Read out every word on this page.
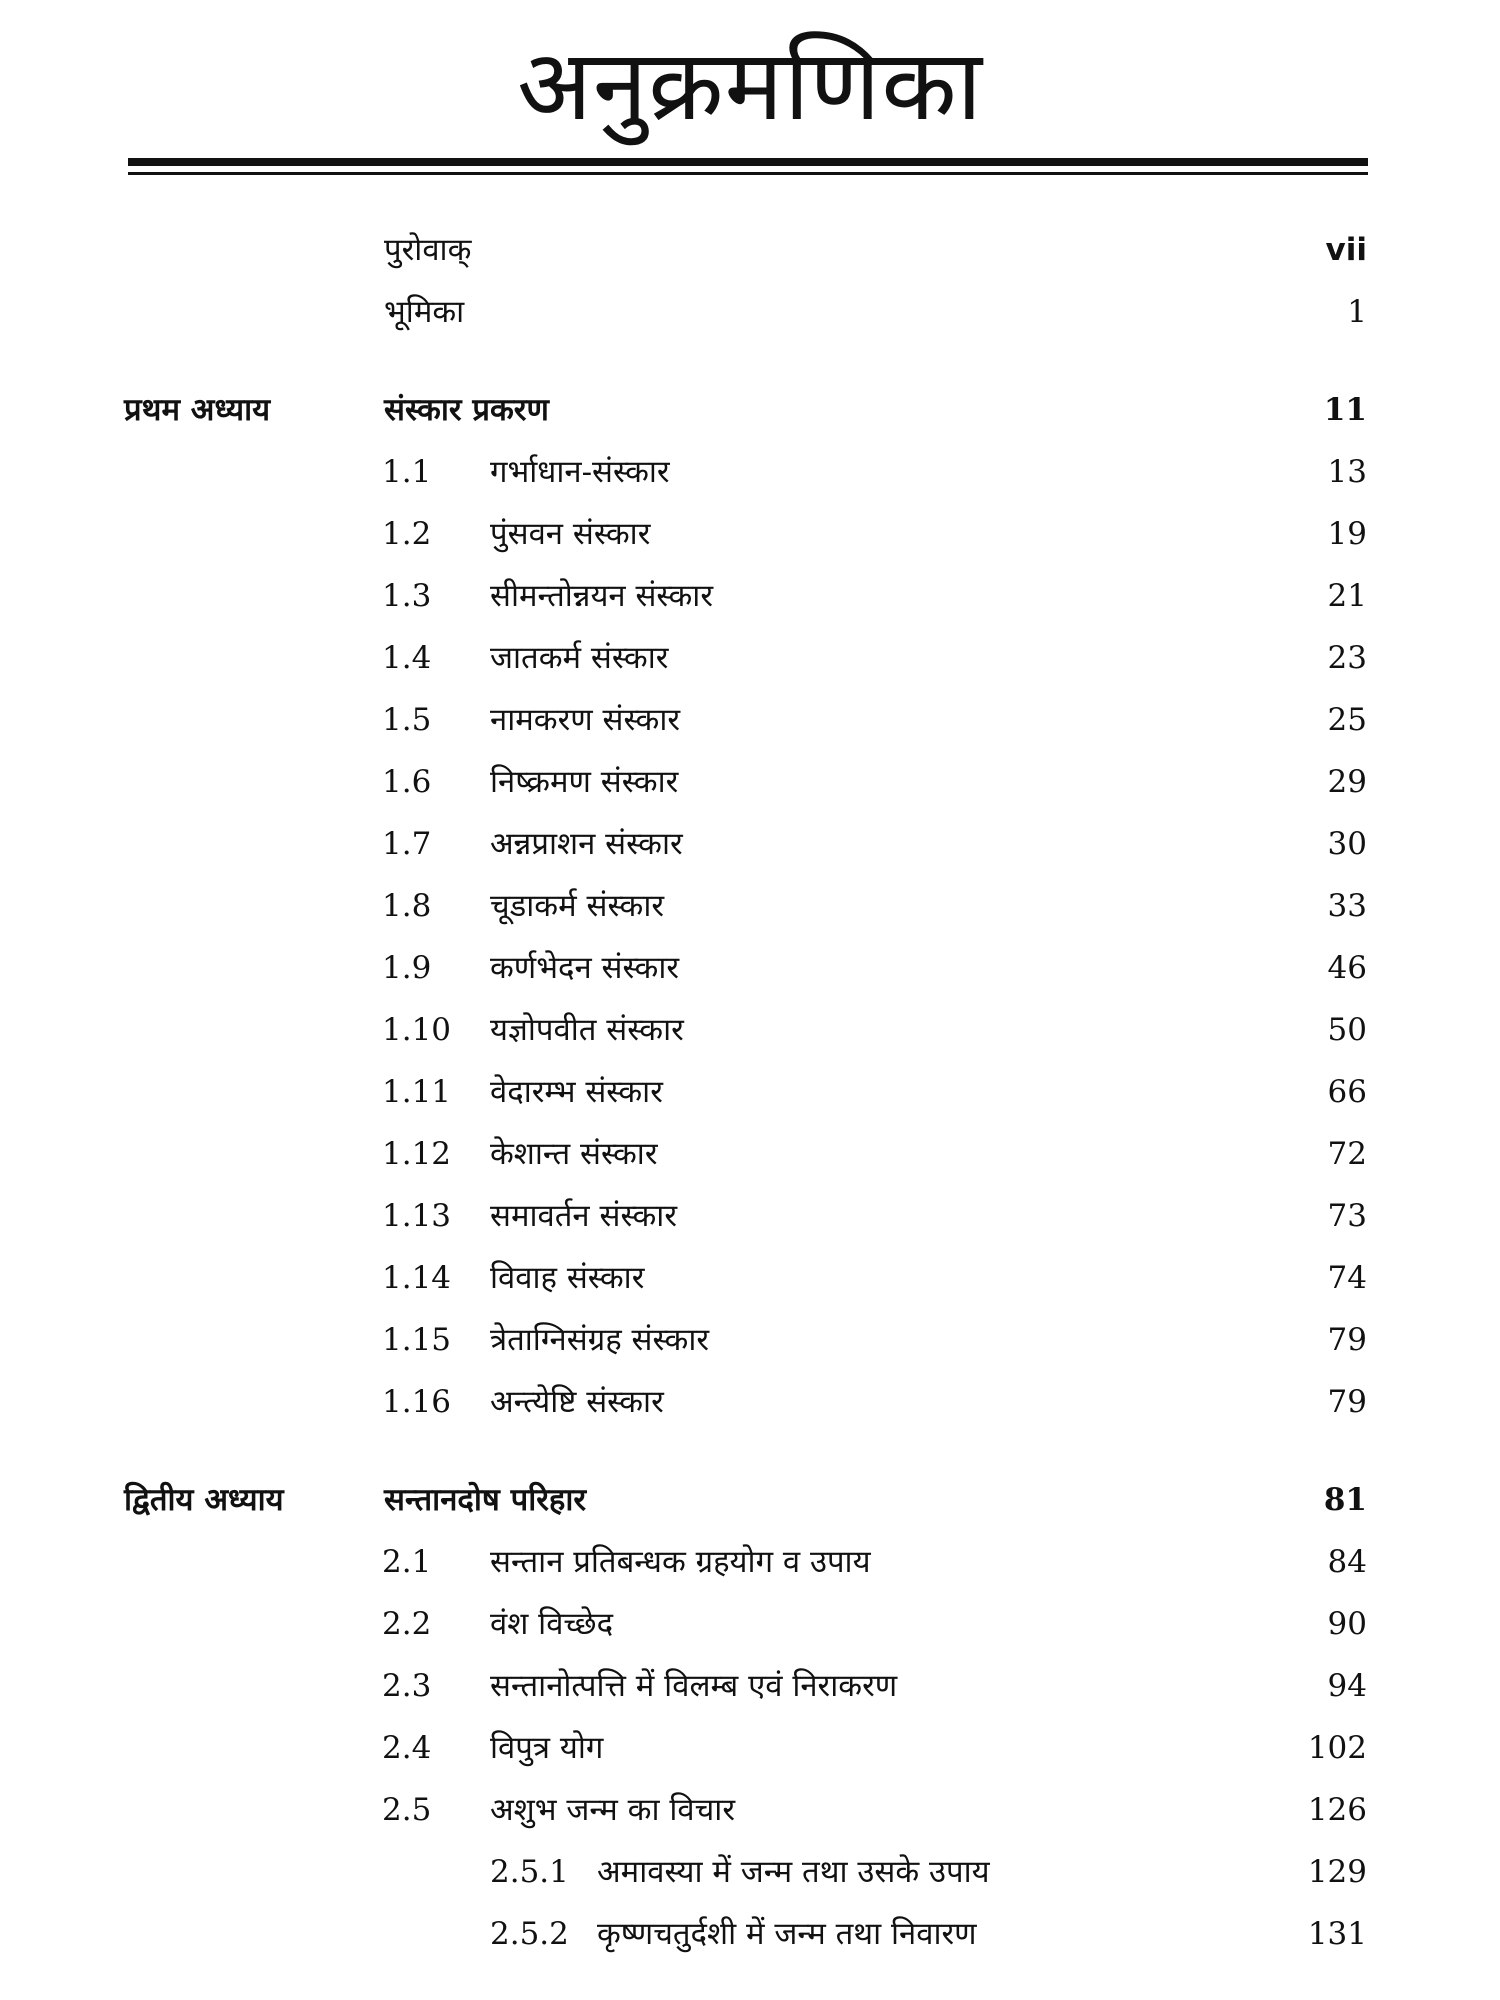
अनुक्रमणिका
पुरोवाक्	vii
भूमिका	1
प्रथम अध्याय	संस्कार प्रकरण	11
1.1 गर्भाधान-संस्कार	13
1.2 पुंसवन संस्कार	19
1.3 सीमन्तोन्नयन संस्कार	21
1.4 जातकर्म संस्कार	23
1.5 नामकरण संस्कार	25
1.6 निष्क्रमण संस्कार	29
1.7 अन्नप्राशन संस्कार	30
1.8 चूडाकर्म संस्कार	33
1.9 कर्णभेदन संस्कार	46
1.10 यज्ञोपवीत संस्कार	50
1.11 वेदारम्भ संस्कार	66
1.12 केशान्त संस्कार	72
1.13 समावर्तन संस्कार	73
1.14 विवाह संस्कार	74
1.15 त्रेताग्निसंग्रह संस्कार	79
1.16 अन्त्येष्टि संस्कार	79
द्वितीय अध्याय	सन्तानदोष परिहार	81
2.1 सन्तान प्रतिबन्धक ग्रहयोग व उपाय	84
2.2 वंश विच्छेद	90
2.3 सन्तानोत्पत्ति में विलम्ब एवं निराकरण	94
2.4 विपुत्र योग	102
2.5 अशुभ जन्म का विचार	126
2.5.1 अमावस्या में जन्म तथा उसके उपाय	129
2.5.2 कृष्णचतुर्दशी में जन्म तथा निवारण	131
